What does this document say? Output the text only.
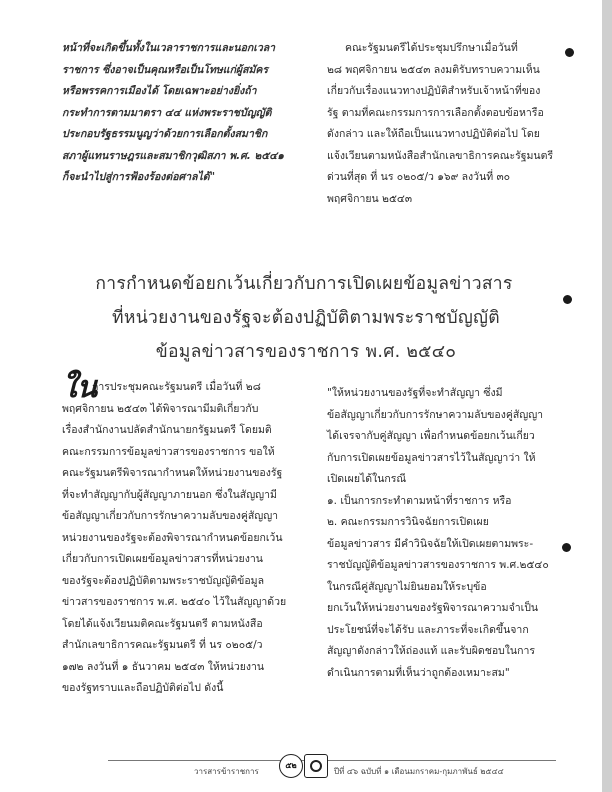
หน้าที่จะเกิดขึ้นทั้งในเวลาราชการและนอกเวลา
ราชการ ซึ่งอาจเป็นคุณหรือเป็นโทษแก่ผู้สมัคร
หรือพรรคการเมืองได้ โดยเฉพาะอย่างยิ่งถ้า
กระทำการตามมาตรา ๔๔ แห่งพระราชบัญญัติ
ประกอบรัฐธรรมนูญว่าด้วยการเลือกตั้งสมาชิก
สภาผู้แทนราษฎรและสมาชิกวุฒิสภา พ.ศ. ๒๕๔๑
ก็จะนำไปสู่การฟ้องร้องต่อศาลได้"
คณะรัฐมนตรีได้ประชุมปรึกษาเมื่อวันที่
๒๘ พฤศจิกายน ๒๕๔๓ ลงมติรับทราบความเห็น
เกี่ยวกับเรื่องแนวทางปฏิบัติสำหรับเจ้าหน้าที่ของ
รัฐ ตามที่คณะกรรมการการเลือกตั้งตอบข้อหารือ
ดังกล่าว และให้ถือเป็นแนวทางปฏิบัติต่อไป โดย
แจ้งเวียนตามหนังสือสำนักเลขาธิการคณะรัฐมนตรี
ด่วนที่สุด ที่ นร ๐๒๐๕/ว ๑๖๙ ลงวันที่ ๓๐
พฤศจิกายน ๒๕๔๓
การกำหนดข้อยกเว้นเกี่ยวกับการเปิดเผยข้อมูลข่าวสาร
ที่หน่วยงานของรัฐจะต้องปฏิบัติตามพระราชบัญญัติ
ข้อมูลข่าวสารของราชการ พ.ศ. ๒๕๔๐
ใน
การประชุมคณะรัฐมนตรี เมื่อวันที่ ๒๘
พฤศจิกายน ๒๕๔๓ ได้พิจารณามีมติเกี่ยวกับ
เรื่องสำนักงานปลัดสำนักนายกรัฐมนตรี โดยมติ
คณะกรรมการข้อมูลข่าวสารของราชการ ขอให้
คณะรัฐมนตรีพิจารณากำหนดให้หน่วยงานของรัฐ
ที่จะทำสัญญากับผู้สัญญาภายนอก ซึ่งในสัญญามี
ข้อสัญญาเกี่ยวกับการรักษาความลับของคู่สัญญา
หน่วยงานของรัฐจะต้องพิจารณากำหนดข้อยกเว้น
เกี่ยวกับการเปิดเผยข้อมูลข่าวสารที่หน่วยงาน
ของรัฐจะต้องปฏิบัติตามพระราชบัญญัติข้อมูล
ข่าวสารของราชการ พ.ศ. ๒๕๔๐ ไว้ในสัญญาด้วย
โดยได้แจ้งเวียนมติคณะรัฐมนตรี ตามหนังสือ
สำนักเลขาธิการคณะรัฐมนตรี ที่ นร ๐๒๐๕/ว
๑๗๒ ลงวันที่ ๑ ธันวาคม ๒๕๔๓ ให้หน่วยงาน
ของรัฐทราบและถือปฏิบัติต่อไป ดังนี้
"ให้หน่วยงานของรัฐที่จะทำสัญญา ซึ่งมี
ข้อสัญญาเกี่ยวกับการรักษาความลับของคู่สัญญา
ได้เจรจากับคู่สัญญา เพื่อกำหนดข้อยกเว้นเกี่ยว
กับการเปิดเผยข้อมูลข่าวสารไว้ในสัญญาว่า ให้
เปิดเผยได้ในกรณี
๑. เป็นการกระทำตามหน้าที่ราชการ หรือ
๒. คณะกรรมการวินิจฉัยการเปิดเผย
ข้อมูลข่าวสาร มีคำวินิจฉัยให้เปิดเผยตามพระ-
ราชบัญญัติข้อมูลข่าวสารของราชการ พ.ศ.๒๕๔๐
ในกรณีคู่สัญญาไม่ยินยอมให้ระบุข้อ
ยกเว้นให้หน่วยงานของรัฐพิจารณาความจำเป็น
ประโยชน์ที่จะได้รับ และภาระที่จะเกิดขึ้นจาก
สัญญาดังกล่าวให้ถ่องแท้ และรับผิดชอบในการ
ดำเนินการตามที่เห็นว่าถูกต้องเหมาะสม"
วารสารข้าราชการ
๕๒
ปีที่ ๔๖ ฉบับที่ ๑ เดือนมกราคม-กุมภาพันธ์ ๒๕๔๔
